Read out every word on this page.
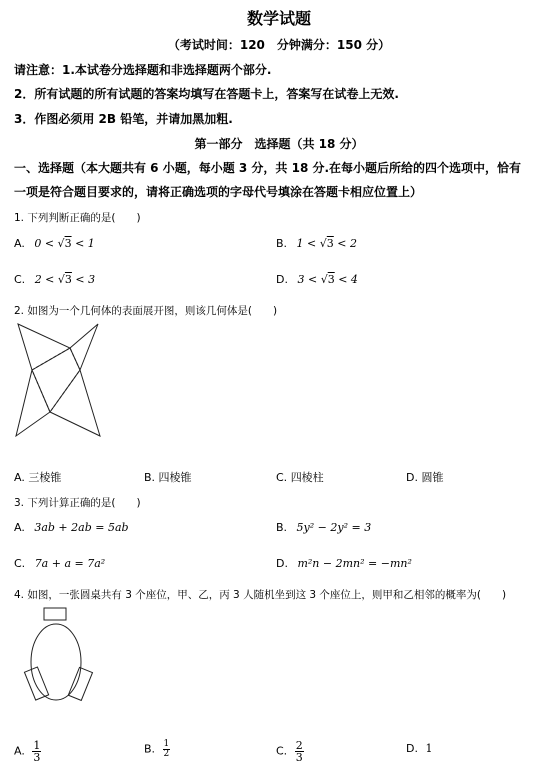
数学试题
（考试时间：120　分钟满分：150 分）
请注意：1.本试卷分选择题和非选择题两个部分.
2．所有试题的所有试题的答案均填写在答题卡上，答案写在试卷上无效.
3．作图必须用 2B 铅笔，并请加黑加粗.
第一部分　选择题（共 18 分）
一、选择题（本大题共有 6 小题，每小题 3 分，共 18 分.在每小题后所给的四个选项中，恰有
一项是符合题目要求的，请将正确选项的字母代号填涂在答题卡相应位置上）
1. 下列判断正确的是(　　)
A. 0 < √3 < 1	B. 1 < √3 < 2
C. 2 < √3 < 3	D. 3 < √3 < 4
2. 如图为一个几何体的表面展开图，则该几何体是(　　)
A. 三棱锥	B. 四棱锥	C. 四棱柱	D. 圆锥
3. 下列计算正确的是(　　)
A. 3ab + 2ab = 5ab	B. 5y² − 2y² = 3
C. 7a + a = 7a²	D. m²n − 2mn² = −mn²
4. 如图，一张圆桌共有 3 个座位，甲、乙，丙 3 人随机坐到这 3 个座位上，则甲和乙相邻的概率为(　　)
A. $\frac{1}{3}$	B. $\frac{1}{2}$	C. $\frac{2}{3}$	D. 1
